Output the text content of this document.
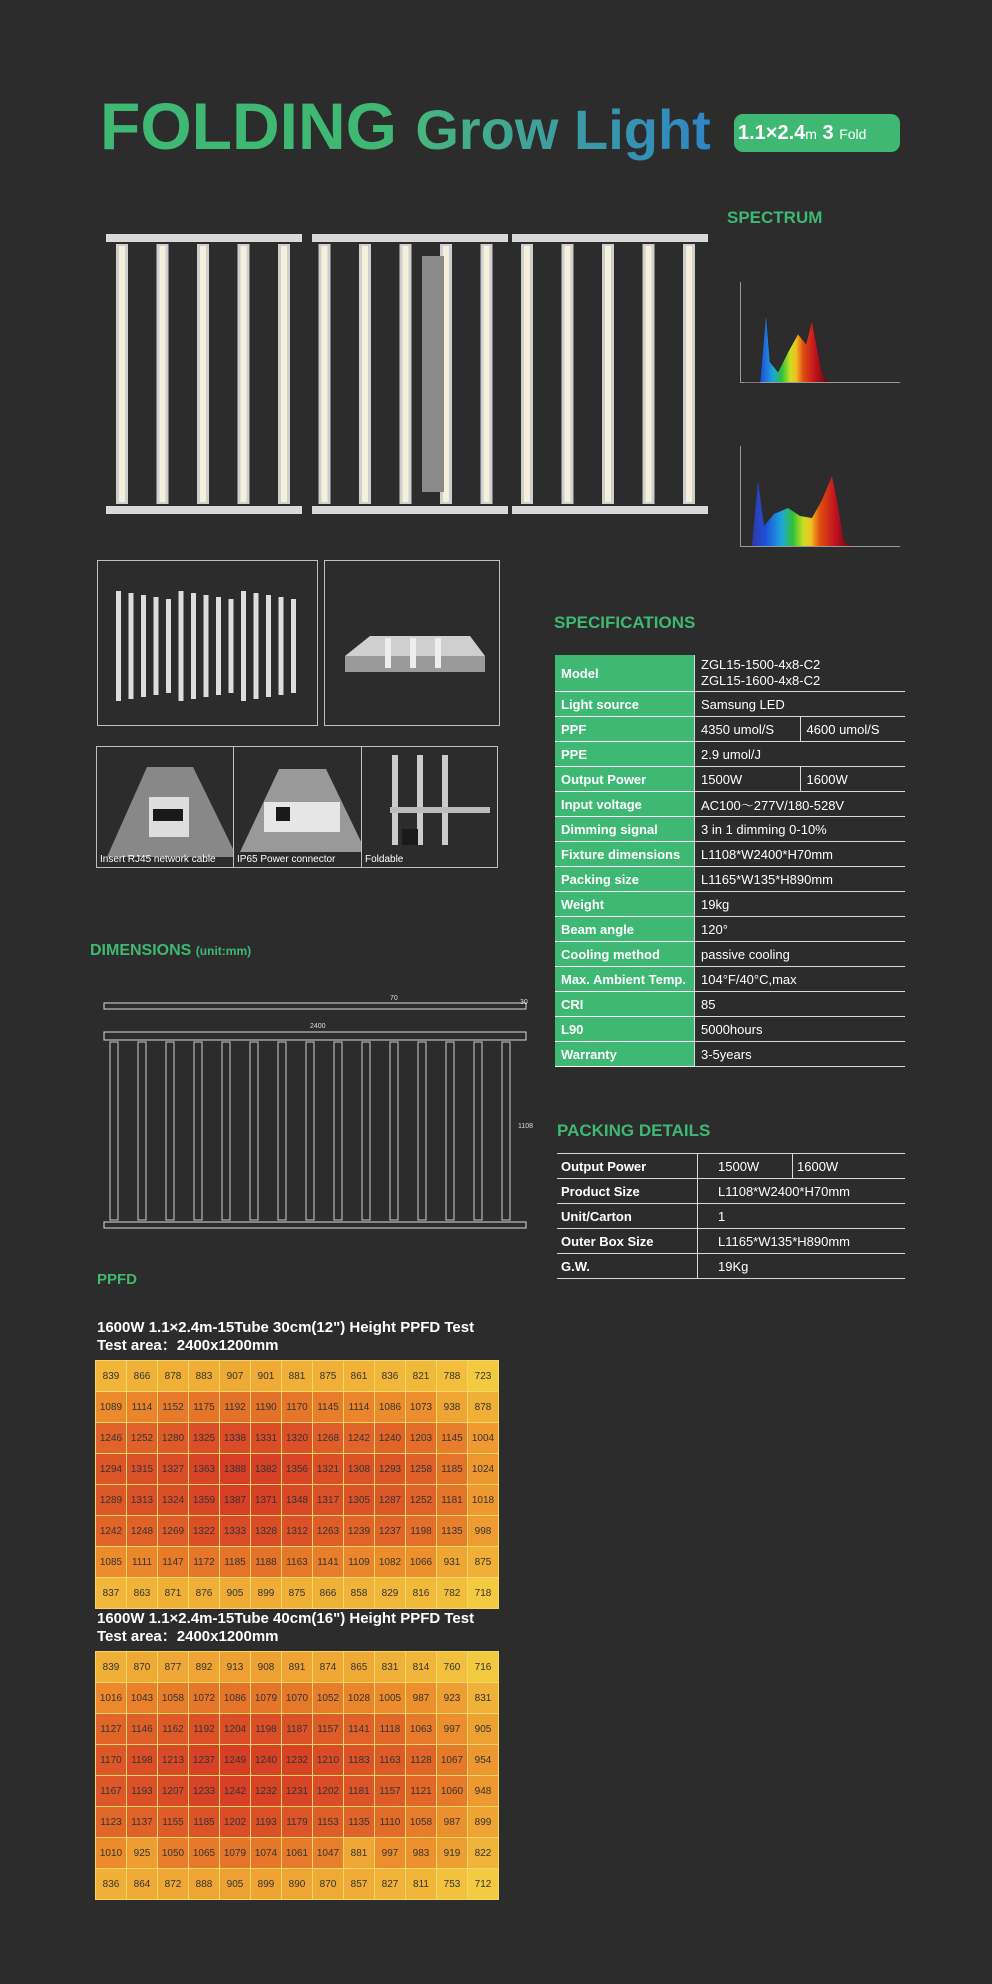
FOLDING Grow Light 1.1×2.4m 3 Fold
SPECTRUM
Insert RJ45 network cable IP65 Power connector	Foldable
SPECIFICATIONS
Model	ZGL15-1500-4x8-C2
ZGL15-1600-4x8-C2	

Light source	Samsung LED	
PPF	4350 umol/S	4600 umol/S
PPE	2.9 umol/J	
Output Power	1500W	1600W
Input voltage	AC100～277V/180-528V	
Dimming signal	3 in 1 dimming 0-10%	
Fixture dimensions	L1108*W2400*H70mm	
Packing size	L1165*W135*H890mm	
Weight	19kg	
Beam angle	120°	
Cooling method	passive cooling	
Max. Ambient Temp.	104°F/40°C,max	
CRI	85	
L90	5000hours	
Warranty	3-5years	
PACKING DETAILS
Output Power	1500W	1600W
Product Size	L1108*W2400*H70mm	
Unit/Carton	1	
Outer Box Size	L1165*W135*H890mm	
G.W.	19Kg	
DIMENSIONS (unit:mm)
70
30
2400
1108
PPFD
1600W 1.1×2.4m-15Tube 30cm(12") Height PPFD Test
Test area：2400x1200mm
839	866	878	883	907	901	881	875	861	836	821	788	723
1089 1114 1152 1175 1192 1190 1170 1145 1114 1086 1073	938	878
1246 1252 1280 1325 1338 1331 1320 1268 1242 1240 1203 1145 1004
1294 1315 1327 1363 1388 1382 1356 1321 1308 1293 1258 1185 1024
1289 1313 1324 1359 1387 1371 1348 1317 1305 1287 1252 1181 1018
1242 1248 1269 1322 1333 1328 1312 1263 1239 1237 1198 1135	998
1085 1111	1147 1172 1185 1188 1163 1141 1109 1082 1066	931	875
837	863	871	876	905	899	875	866	858	829	816	782	718
1600W 1.1×2.4m-15Tube 40cm(16") Height PPFD Test
Test area：2400x1200mm
839	870	877	892	913	908	891	874	865	831	814	760	716
1016 1043 1058 1072 1086 1079 1070 1052 1028 1005	987	923	831
1127 1146 1162 1192 1204 1198 1187 1157 1141 1118 1063	997	905
1170 1198 1213 1237 1249 1240 1232 1210 1183 1163 1128 1067	954
1167 1193 1207 1233 1242 1232 1231 1202 1181 1157 1121 1060	948
1123 1137 1155 1185 1202 1193 1179 1153 1135 1110 1058	987	899
1010	925	1050 1065 1079 1074 1061 1047	881	997	983	919	822
836	864	872	888	905	899	890	870	857	827	811	753	712
